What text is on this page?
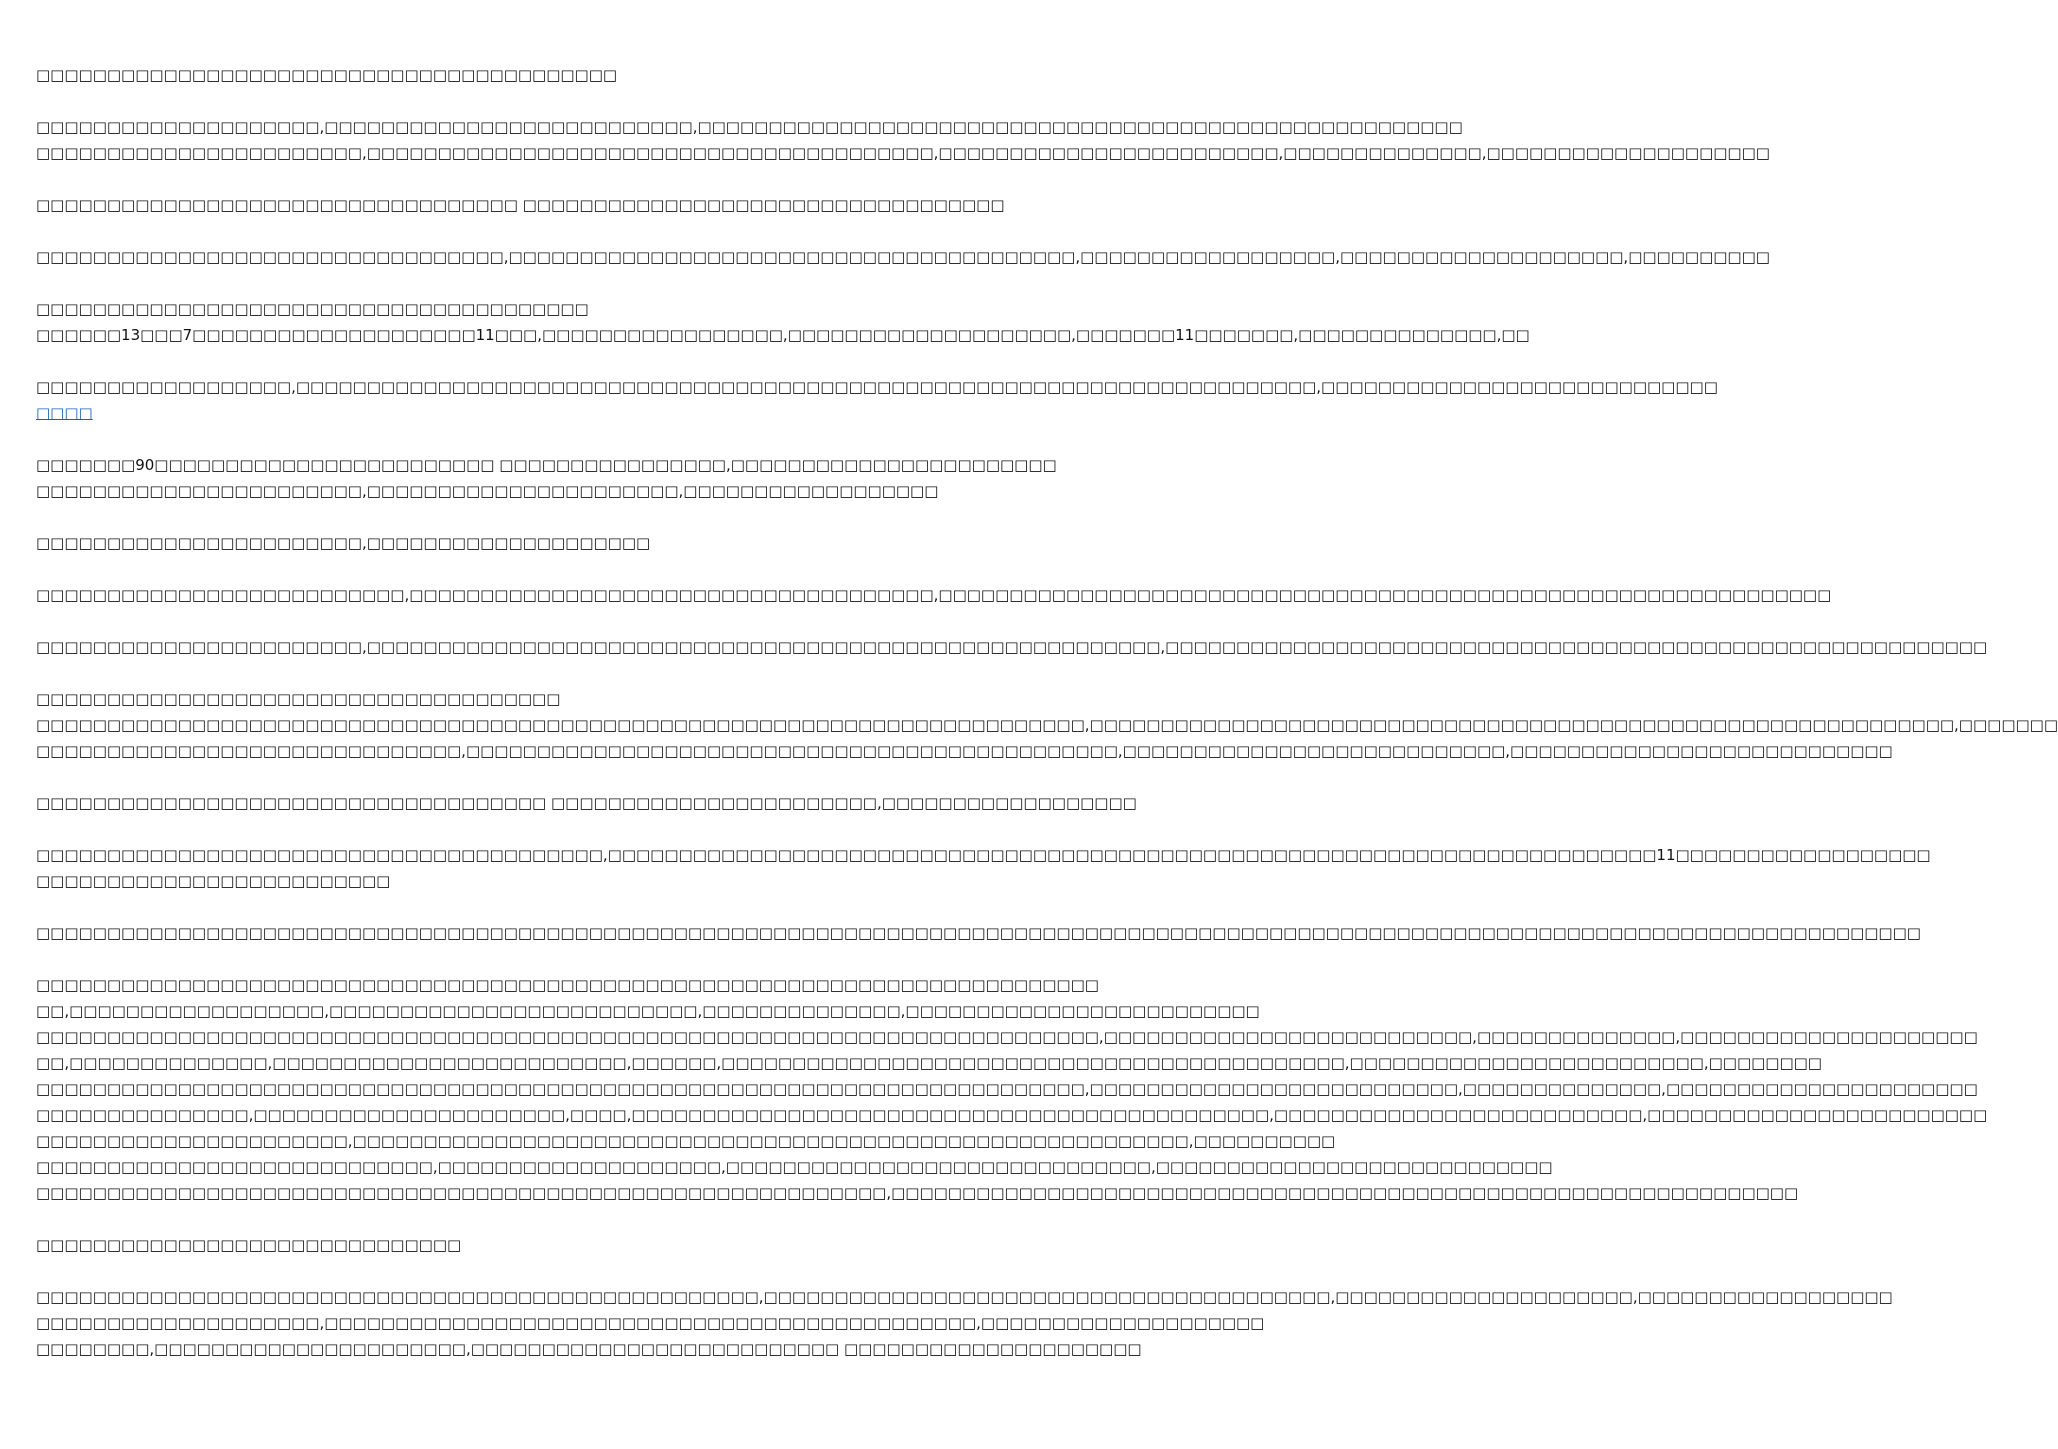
□□□□□□□□□□□□□□□□□□□□□□□□□□□□□□□□□□□□□□□□□
□□□□□□□□□□□□□□□□□□□□,□□□□□□□□□□□□□□□□□□□□□□□□□□,□□□□□□□□□□□□□□□□□□□□□□□□□□□□□□□□□□□□□□□□□□□□□□□□□□□□□□
□□□□□□□□□□□□□□□□□□□□□□□,□□□□□□□□□□□□□□□□□□□□□□□□□□□□□□□□□□□□□□□□,□□□□□□□□□□□□□□□□□□□□□□□□,□□□□□□□□□□□□□□,□□□□□□□□□□□□□□□□□□□□
□□□□□□□□□□□□□□□□□□□□□□□□□□□□□□□□□□ □□□□□□□□□□□□□□□□□□□□□□□□□□□□□□□□□□
□□□□□□□□□□□□□□□□□□□□□□□□□□□□□□□□□,□□□□□□□□□□□□□□□□□□□□□□□□□□□□□□□□□□□□□□□□,□□□□□□□□□□□□□□□□□□,□□□□□□□□□□□□□□□□□□□□,□□□□□□□□□□
□□□□□□□□□□□□□□□□□□□□□□□□□□□□□□□□□□□□□□□
□□□□□□13□□□7□□□□□□□□□□□□□□□□□□□□11□□□,□□□□□□□□□□□□□□□□□,□□□□□□□□□□□□□□□□□□□□,□□□□□□□11□□□□□□□,□□□□□□□□□□□□□□,□□
□□□□□□□□□□□□□□□□□□,□□□□□□□□□□□□□□□□□□□□□□□□□□□□□□□□□□□□□□□□□□□□□□□□□□□□□□□□□□□□□□□□□□□□□□□□,□□□□□□□□□□□□□□□□□□□□□□□□□□□□
□□□□
□□□□□□□90□□□□□□□□□□□□□□□□□□□□□□□□ □□□□□□□□□□□□□□□□,□□□□□□□□□□□□□□□□□□□□□□□
□□□□□□□□□□□□□□□□□□□□□□□,□□□□□□□□□□□□□□□□□□□□□□,□□□□□□□□□□□□□□□□□□
□□□□□□□□□□□□□□□□□□□□□□□,□□□□□□□□□□□□□□□□□□□□
□□□□□□□□□□□□□□□□□□□□□□□□□□,□□□□□□□□□□□□□□□□□□□□□□□□□□□□□□□□□□□□□,□□□□□□□□□□□□□□□□□□□□□□□□□□□□□□□□□□□□□□□□□□□□□□□□□□□□□□□□□□□□□□□
□□□□□□□□□□□□□□□□□□□□□□□,□□□□□□□□□□□□□□□□□□□□□□□□□□□□□□□□□□□□□□□□□□□□□□□□□□□□□□□□,□□□□□□□□□□□□□□□□□□□□□□□□□□□□□□□□□□□□□□□□□□□□□□□□□□□□□□□□□□
□□□□□□□□□□□□□□□□□□□□□□□□□□□□□□□□□□□□□
□□□□□□□□□□□□□□□□□□□□□□□□□□□□□□□□□□□□□□□□□□□□□□□□□□□□□□□□□□□□□□□□□□□□□□□□□□,□□□□□□□□□□□□□□□□□□□□□□□□□□□□□□□□□□□□□□□□□□□□□□□□□□□□□□□□□□□□□,□□□□□□□
□□□□□□□□□□□□□□□□□□□□□□□□□□□□□□,□□□□□□□□□□□□□□□□□□□□□□□□□□□□□□□□□□□□□□□□□□□□□□,□□□□□□□□□□□□□□□□□□□□□□□□□□□,□□□□□□□□□□□□□□□□□□□□□□□□□□□
□□□□□□□□□□□□□□□□□□□□□□□□□□□□□□□□□□□□ □□□□□□□□□□□□□□□□□□□□□□□,□□□□□□□□□□□□□□□□□□
□□□□□□□□□□□□□□□□□□□□□□□□□□□□□□□□□□□□□□□□,□□□□□□□□□□□□□□□□□□□□□□□□□□□□□□□□□□□□□□□□□□□□□□□□□□□□□□□□□□□□□□□□□□□□□□□□□□11□□□□□□□□□□□□□□□□□□
□□□□□□□□□□□□□□□□□□□□□□□□□
□□□□□□□□□□□□□□□□□□□□□□□□□□□□□□□□□□□□□□□□□□□□□□□□□□□□□□□□□□□□□□□□□□□□□□□□□□□□□□□□□□□□□□□□□□□□□□□□□□□□□□□□□□□□□□□□□□□□□□□□□□□□□□□□□□□□□
□□□□□□□□□□□□□□□□□□□□□□□□□□□□□□□□□□□□□□□□□□□□□□□□□□□□□□□□□□□□□□□□□□□□□□□□□□□
□□,□□□□□□□□□□□□□□□□□□,□□□□□□□□□□□□□□□□□□□□□□□□□□,□□□□□□□□□□□□□□,□□□□□□□□□□□□□□□□□□□□□□□□□
□□□□□□□□□□□□□□□□□□□□□□□□□□□□□□□□□□□□□□□□□□□□□□□□□□□□□□□□□□□□□□□□□□□□□□□□□□□,□□□□□□□□□□□□□□□□□□□□□□□□□□,□□□□□□□□□□□□□□,□□□□□□□□□□□□□□□□□□□□□
□□,□□□□□□□□□□□□□□,□□□□□□□□□□□□□□□□□□□□□□□□□,□□□□□□,□□□□□□□□□□□□□□□□□□□□□□□□□□□□□□□□□□□□□□□□□□□□,□□□□□□□□□□□□□□□□□□□□□□□□□,□□□□□□□□
□□□□□□□□□□□□□□□□□□□□□□□□□□□□□□□□□□□□□□□□□□□□□□□□□□□□□□□□□□□□□□□□□□□□□□□□□□,□□□□□□□□□□□□□□□□□□□□□□□□□□,□□□□□□□□□□□□□□,□□□□□□□□□□□□□□□□□□□□□□
□□□□□□□□□□□□□□□,□□□□□□□□□□□□□□□□□□□□□□,□□□□,□□□□□□□□□□□□□□□□□□□□□□□□□□□□□□□□□□□□□□□□□□□□□,□□□□□□□□□□□□□□□□□□□□□□□□□□,□□□□□□□□□□□□□□□□□□□□□□□□
□□□□□□□□□□□□□□□□□□□□□□,□□□□□□□□□□□□□□□□□□□□□□□□□□□□□□□□□□□□□□□□□□□□□□□□□□□□□□□□□□□,□□□□□□□□□□
□□□□□□□□□□□□□□□□□□□□□□□□□□□□,□□□□□□□□□□□□□□□□□□□□,□□□□□□□□□□□□□□□□□□□□□□□□□□□□□□,□□□□□□□□□□□□□□□□□□□□□□□□□□□□
□□□□□□□□□□□□□□□□□□□□□□□□□□□□□□□□□□□□□□□□□□□□□□□□□□□□□□□□□□□□,□□□□□□□□□□□□□□□□□□□□□□□□□□□□□□□□□□□□□□□□□□□□□□□□□□□□□□□□□□□□□□□□
□□□□□□□□□□□□□□□□□□□□□□□□□□□□□□
□□□□□□□□□□□□□□□□□□□□□□□□□□□□□□□□□□□□□□□□□□□□□□□□□□□,□□□□□□□□□□□□□□□□□□□□□□□□□□□□□□□□□□□□□□□□,□□□□□□□□□□□□□□□□□□□□□,□□□□□□□□□□□□□□□□□□
□□□□□□□□□□□□□□□□□□□□,□□□□□□□□□□□□□□□□□□□□□□□□□□□□□□□□□□□□□□□□□□□□□□,□□□□□□□□□□□□□□□□□□□□
□□□□□□□□,□□□□□□□□□□□□□□□□□□□□□□,□□□□□□□□□□□□□□□□□□□□□□□□□□ □□□□□□□□□□□□□□□□□□□□□
